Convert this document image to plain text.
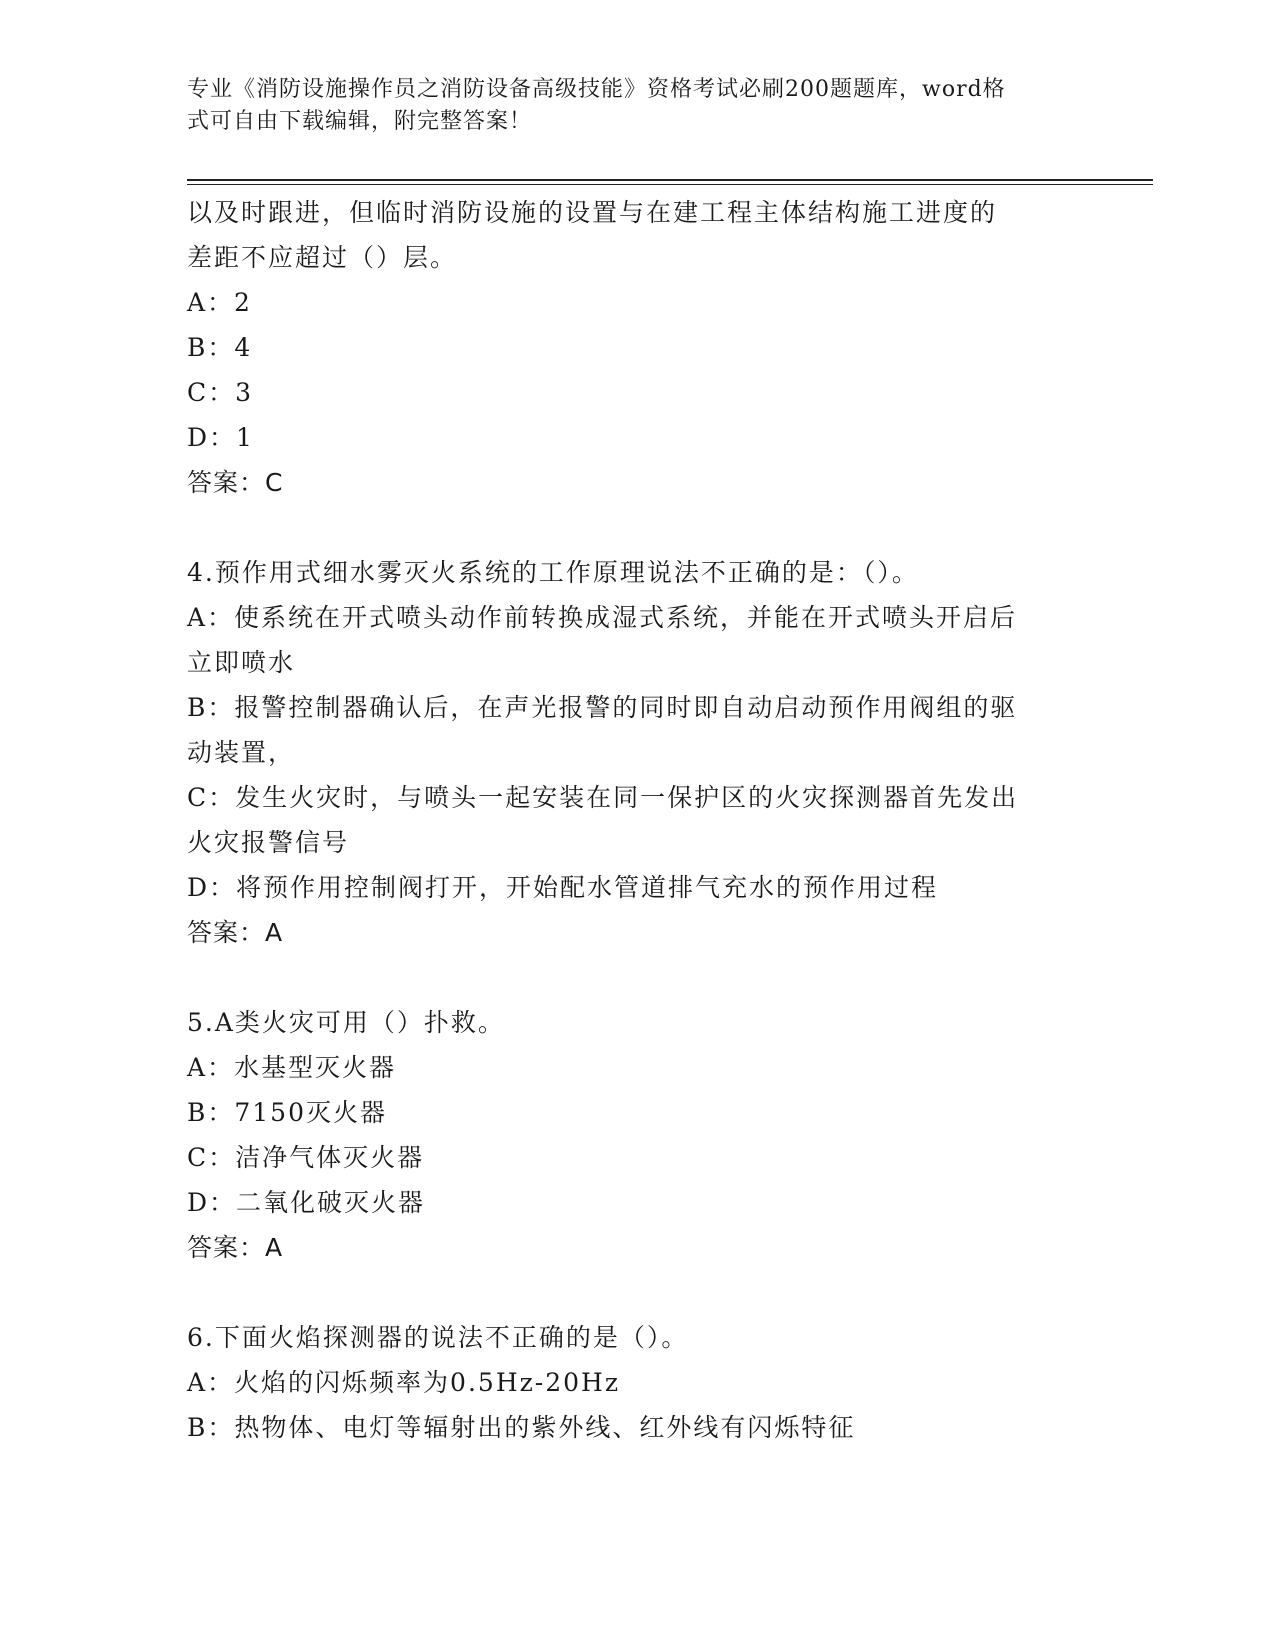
专业《消防设施操作员之消防设备高级技能》资格考试必刷200题题库，word格
式可自由下载编辑，附完整答案！
以及时跟进，但临时消防设施的设置与在建工程主体结构施工进度的
差距不应超过（）层。
A：2
B：4
C：3
D：1
答案：C
4.预作用式细水雾灭火系统的工作原理说法不正确的是：（）。
A：使系统在开式喷头动作前转换成湿式系统，并能在开式喷头开启后
立即喷水
B：报警控制器确认后，在声光报警的同时即自动启动预作用阀组的驱
动装置，
C：发生火灾时，与喷头一起安装在同一保护区的火灾探测器首先发出
火灾报警信号
D：将预作用控制阀打开，开始配水管道排气充水的预作用过程
答案：A
5.A类火灾可用（）扑救。
A：水基型灭火器
B：7150灭火器
C：洁净气体灭火器
D：二氧化破灭火器
答案：A
6.下面火焰探测器的说法不正确的是（）。
A：火焰的闪烁频率为0.5Hz-20Hz
B：热物体、电灯等辐射出的紫外线、红外线有闪烁特征
